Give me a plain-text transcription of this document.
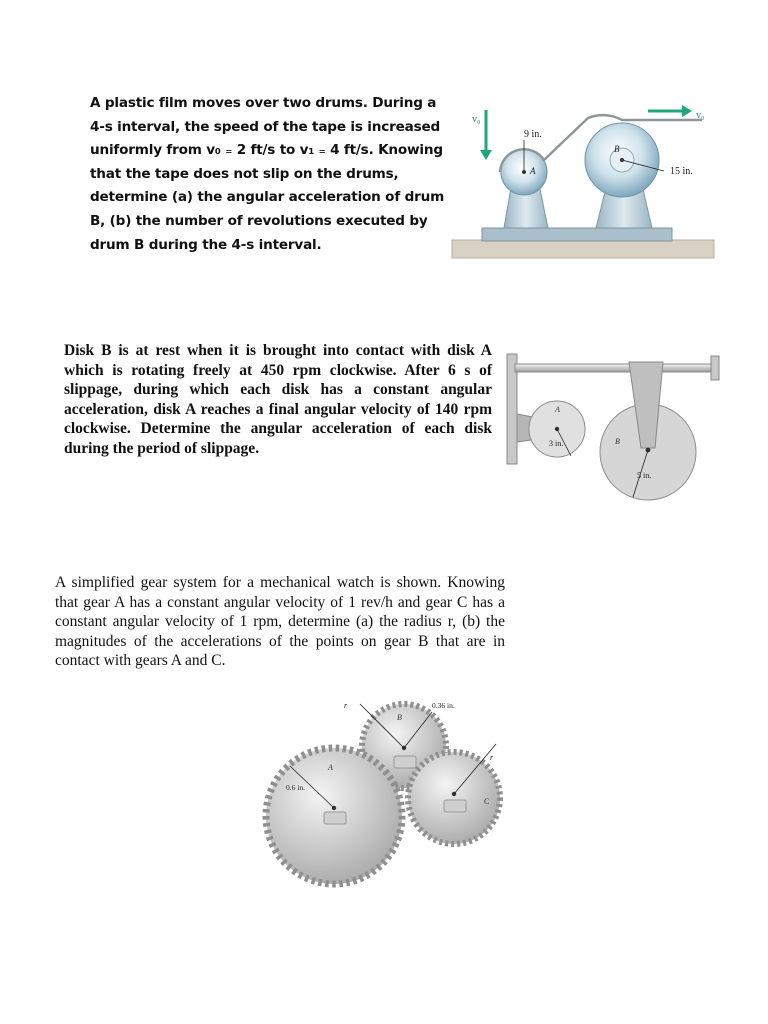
A plastic film moves over two drums. During a
4-s interval, the speed of the tape is increased
uniformly from v₀ ₌ 2 ft/s to v₁ ₌ 4 ft/s. Knowing
that the tape does not slip on the drums,
determine (a) the angular acceleration of drum
B, (b) the number of revolutions executed by
drum B during the 4-s interval.
v₀	v₀
9 in.
15 in.
A
B
Disk B is at rest when it is brought into contact with disk A which is rotating freely at 450 rpm clockwise. After 6 s of slippage, during which each disk has a constant angular acceleration, disk A reaches a final angular velocity of 140 rpm clockwise. Determine the angular acceleration of each disk during the period of slippage.
A
B
3 in.
5 in.
A simplified gear system for a mechanical watch is shown. Knowing that gear A has a constant angular velocity of 1 rev/h and gear C has a constant angular velocity of 1 rpm, determine (a) the radius r, (b) the magnitudes of the accelerations of the points on gear B that are in contact with gears A and C.
A
B
C
0.6 in.
0.36 in.
r
r
